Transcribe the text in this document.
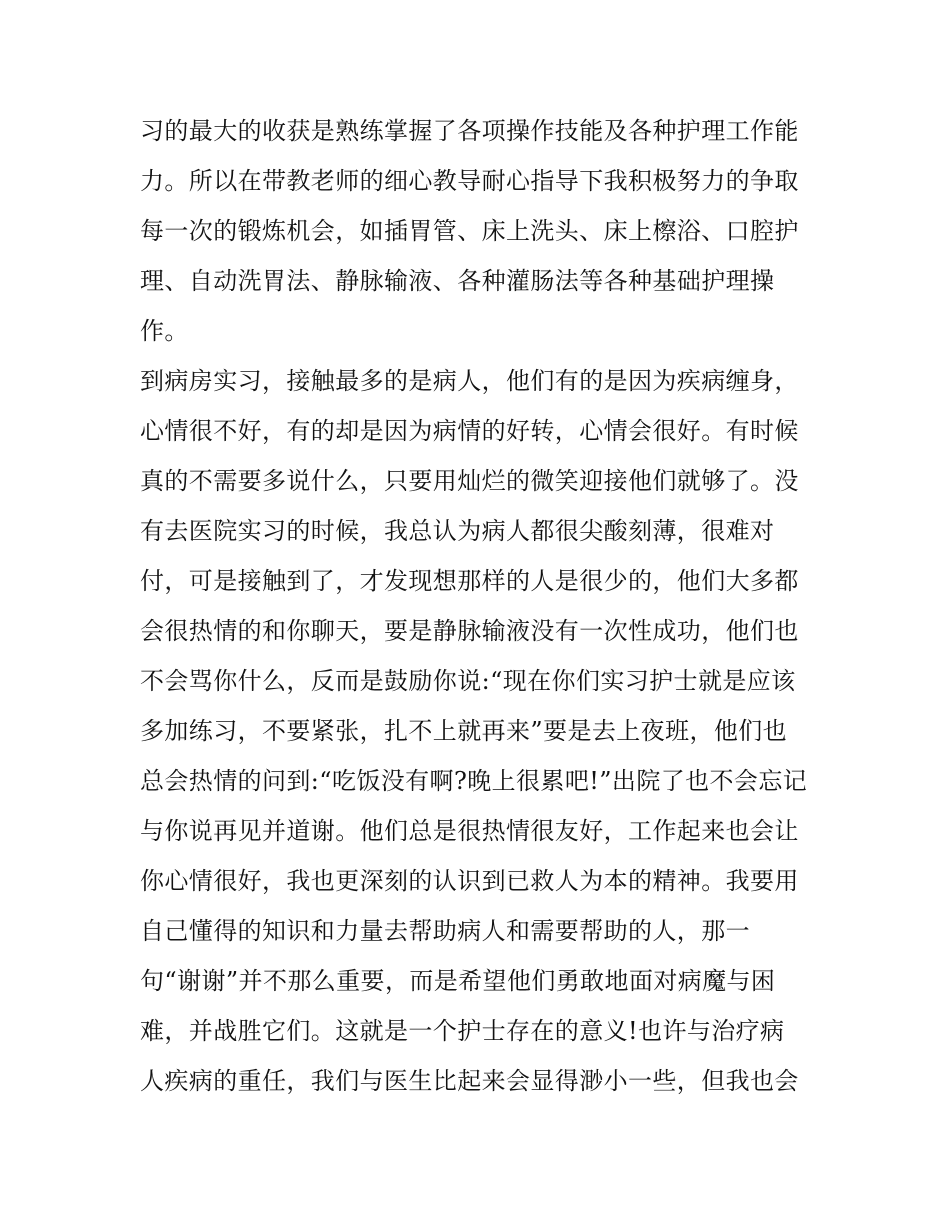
习的最大的收获是熟练掌握了各项操作技能及各种护理工作能
力。所以在带教老师的细心教导耐心指导下我积极努力的争取
每一次的锻炼机会，如插胃管、床上洗头、床上檫浴、口腔护
理、自动洗胃法、静脉输液、各种灌肠法等各种基础护理操
作。
到病房实习，接触最多的是病人，他们有的是因为疾病缠身，
心情很不好，有的却是因为病情的好转，心情会很好。有时候
真的不需要多说什么，只要用灿烂的微笑迎接他们就够了。没
有去医院实习的时候，我总认为病人都很尖酸刻薄，很难对
付，可是接触到了，才发现想那样的人是很少的，他们大多都
会很热情的和你聊天，要是静脉输液没有一次性成功，他们也
不会骂你什么，反而是鼓励你说:“现在你们实习护士就是应该
多加练习，不要紧张，扎不上就再来”要是去上夜班，他们也
总会热情的问到:“吃饭没有啊?晚上很累吧!”出院了也不会忘记
与你说再见并道谢。他们总是很热情很友好，工作起来也会让
你心情很好，我也更深刻的认识到已救人为本的精神。我要用
自己懂得的知识和力量去帮助病人和需要帮助的人，那一
句“谢谢”并不那么重要，而是希望他们勇敢地面对病魔与困
难，并战胜它们。这就是一个护士存在的意义!也许与治疗病
人疾病的重任，我们与医生比起来会显得渺小一些，但我也会
